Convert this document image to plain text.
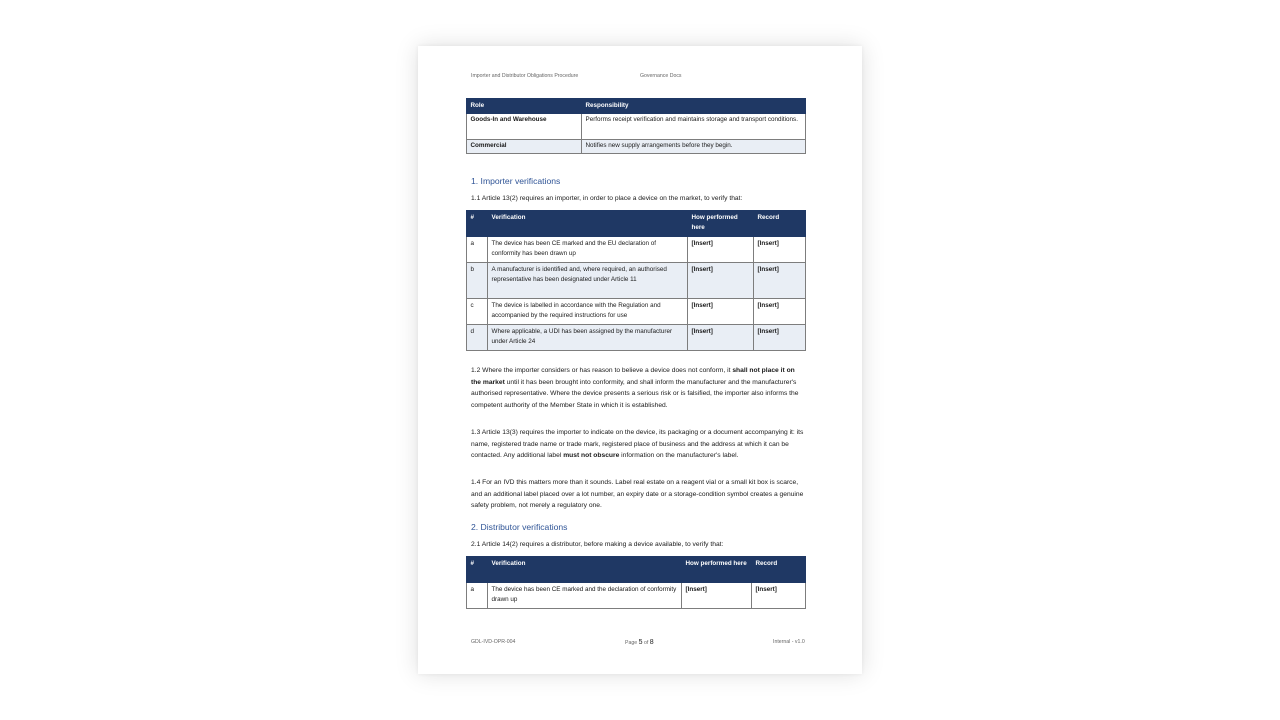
Importer and Distributor Obligations Procedure	Governance Docs
Role	Responsibility
Goods-In and Warehouse	Performs receipt verification and maintains storage and transport conditions.
Commercial	Notifies new supply arrangements before they begin.
1. Importer verifications
1.1 Article 13(2) requires an importer, in order to place a device on the market, to verify that:
#	Verification	How performed here	Record
a	The device has been CE marked and the EU declaration of conformity has been drawn up	[Insert]	[Insert]
b	A manufacturer is identified and, where required, an authorised representative has been designated under Article 11	[Insert]	[Insert]
c	The device is labelled in accordance with the Regulation and accompanied by the required instructions for use	[Insert]	[Insert]
d	Where applicable, a UDI has been assigned by the manufacturer under Article 24	[Insert]	[Insert]
1.2 Where the importer considers or has reason to believe a device does not conform, it shall not place it on the market until it has been brought into conformity, and shall inform the manufacturer and the manufacturer's authorised representative. Where the device presents a serious risk or is falsified, the importer also informs the competent authority of the Member State in which it is established.
1.3 Article 13(3) requires the importer to indicate on the device, its packaging or a document accompanying it: its name, registered trade name or trade mark, registered place of business and the address at which it can be contacted. Any additional label must not obscure information on the manufacturer's label.
1.4 For an IVD this matters more than it sounds. Label real estate on a reagent vial or a small kit box is scarce, and an additional label placed over a lot number, an expiry date or a storage-condition symbol creates a genuine safety problem, not merely a regulatory one.
2. Distributor verifications
2.1 Article 14(2) requires a distributor, before making a device available, to verify that:
#	Verification	How performed here	Record
a	The device has been CE marked and the declaration of conformity drawn up	[Insert]	[Insert]
GDL-IVD-OPR-004	Page 5 of 8	Internal - v1.0
